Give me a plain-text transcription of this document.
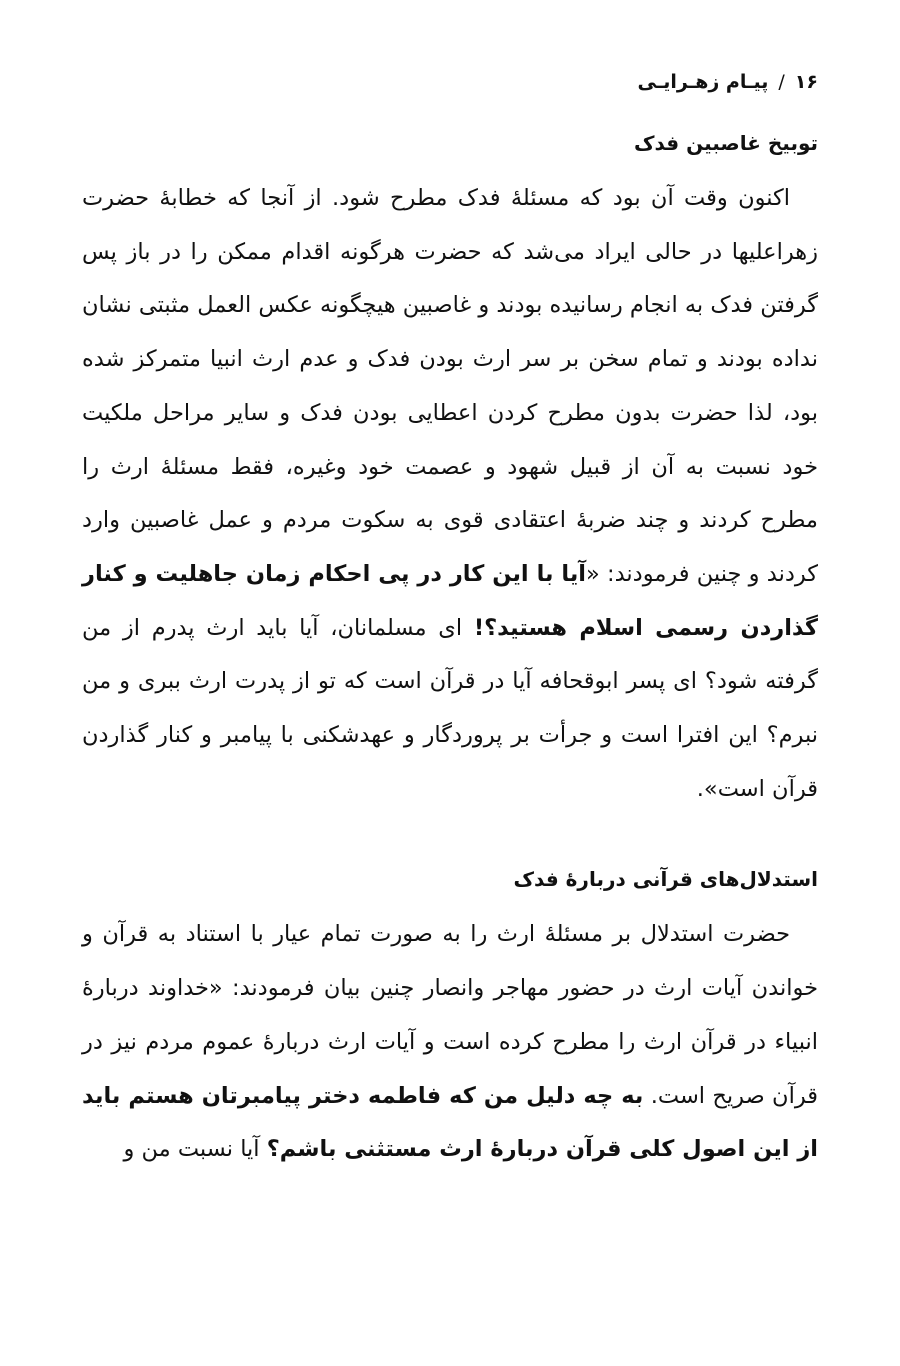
۱۶/پیـام زهـرایـی
توبیخ غاصبین فدک

اکنون وقت آن بود که مسئلهٔ فدک مطرح شود. از آنجا که خطابهٔ حضرت زهراعليها در حالی ایراد می‌شد که حضرت هرگونه اقدام ممکن را در باز پس گرفتن فدک به انجام رسانیده بودند و غاصبین هیچگونه عکس العمل مثبتی نشان نداده بودند و تمام سخن بر سر ارث بودن فدک و عدم ارث انبیا متمرکز شده بود، لذا حضرت بدون مطرح کردن اعطایی بودن فدک و سایر مراحل ملکیت خود نسبت به آن از قبیل شهود و عصمت خود وغیره، فقط مسئلهٔ ارث را مطرح کردند و چند ضربهٔ اعتقادی قوی به سکوت مردم و عمل غاصبین وارد کردند و چنین فرمودند: «آیا با این کار در پی احکام زمان جاهلیت و کنار گذاردن رسمی اسلام هستید؟! ای مسلمانان، آیا باید ارث پدرم از من گرفته شود؟ ای پسر ابوقحافه آیا در قرآن است که تو از پدرت ارث ببری و من نبرم؟ این افترا است و جرأت بر پروردگار و عهدشکنی با پیامبر و کنار گذاردن قرآن است».

استدلال‌های قرآنی دربارهٔ فدک

حضرت استدلال بر مسئلهٔ ارث را به صورت تمام عیار با استناد به قرآن و خواندن آیات ارث در حضور مهاجر وانصار چنین بیان فرمودند: «خداوند دربارهٔ انبیاء در قرآن ارث را مطرح کرده است و آیات ارث دربارهٔ عموم مردم نیز در قرآن صریح است. به چه دلیل من که فاطمه دختر پیامبرتان هستم باید از این اصول کلی قرآن دربارهٔ ارث مستثنی باشم؟ آیا نسبت من و
